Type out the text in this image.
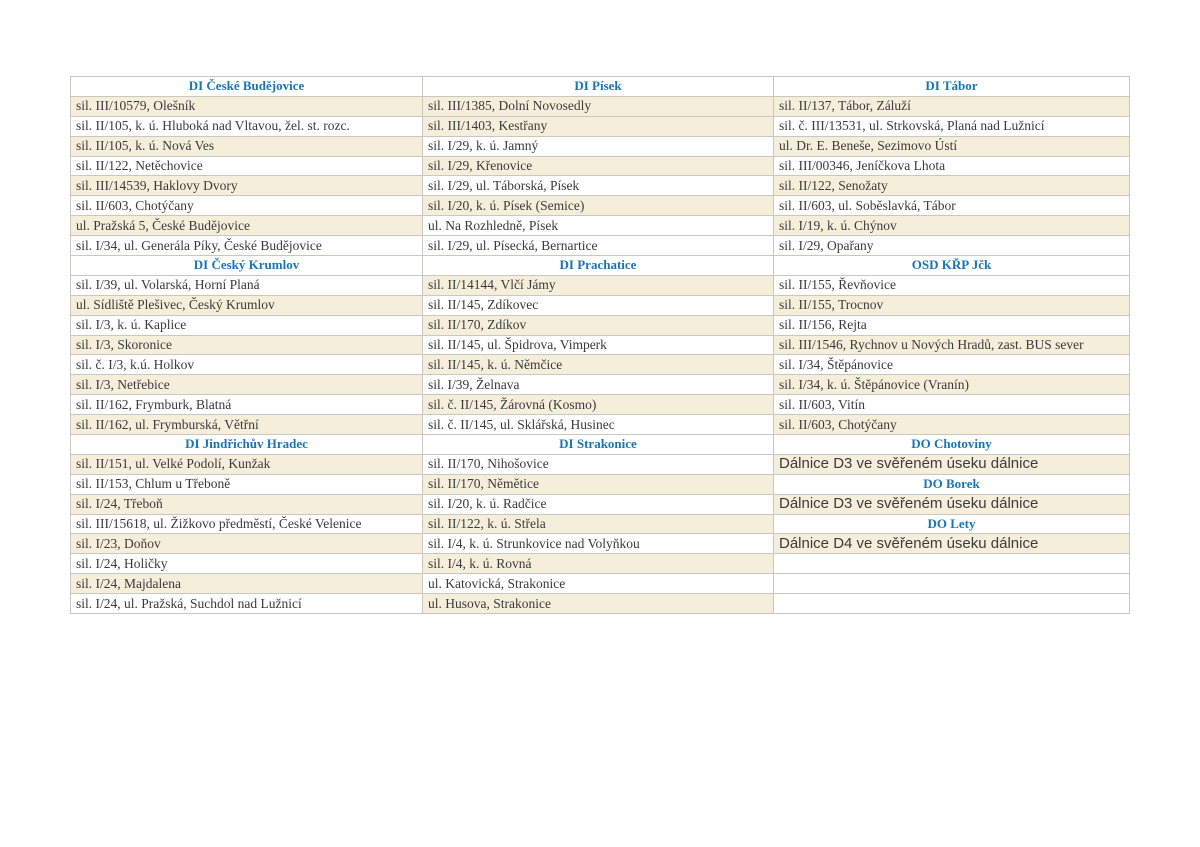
DI České Budějovice	DI Písek	DI Tábor
sil. III/10579, Olešník	sil. III/1385, Dolní Novosedly	sil. II/137, Tábor, Záluží
sil. II/105, k. ú. Hluboká nad Vltavou, žel. st. rozc.	sil. III/1403, Kestřany	sil. č. III/13531, ul. Strkovská, Planá nad Lužnicí
sil. II/105, k. ú. Nová Ves	sil. I/29, k. ú. Jamný	ul. Dr. E. Beneše, Sezimovo Ústí
sil. II/122, Netěchovice	sil. I/29, Křenovice	sil. III/00346, Jeníčkova Lhota
sil. III/14539, Haklovy Dvory	sil. I/29, ul. Táborská, Písek	sil. II/122, Senožaty
sil. II/603, Chotýčany	sil. I/20, k. ú. Písek (Semice)	sil. II/603, ul. Soběslavká, Tábor
ul. Pražská 5, České Budějovice	ul. Na Rozhledně, Písek	sil. I/19, k. ú. Chýnov
sil. I/34, ul. Generála Píky, České Budějovice	sil. I/29, ul. Písecká, Bernartice	sil. I/29, Opařany
DI Český Krumlov	DI Prachatice	OSD KŘP Jčk
sil. I/39, ul. Volarská, Horní Planá	sil. II/14144, Vlčí Jámy	sil. II/155, Řevňovice
ul. Sídliště Plešivec, Český Krumlov	sil. II/145, Zdíkovec	sil. II/155, Trocnov
sil. I/3, k. ú. Kaplice	sil. II/170, Zdíkov	sil. II/156, Rejta
sil. I/3, Skoronice	sil. II/145, ul. Špidrova, Vimperk	sil. III/1546, Rychnov u Nových Hradů, zast. BUS sever
sil. č. I/3, k.ú. Holkov	sil. II/145, k. ú. Němčice	sil. I/34, Štěpánovice
sil. I/3, Netřebice	sil. I/39, Želnava	sil. I/34, k. ú. Štěpánovice (Vranín)
sil. II/162, Frymburk, Blatná	sil. č. II/145, Žárovná (Kosmo)	sil. II/603, Vitín
sil. II/162, ul. Frymburská, Větřní	sil. č. II/145, ul. Sklářská, Husinec	sil. II/603, Chotýčany
DI Jindřichův Hradec	DI Strakonice	DO Chotoviny
sil. II/151, ul. Velké Podolí, Kunžak	sil. II/170, Nihošovice	Dálnice D3 ve svěřeném úseku dálnice
sil. II/153, Chlum u Třeboně	sil. II/170, Němětice	DO Borek
sil. I/24, Třeboň	sil. I/20, k. ú. Radčice	Dálnice D3 ve svěřeném úseku dálnice
sil. III/15618, ul. Žižkovo předměstí, České Velenice	sil. II/122, k. ú. Střela	DO Lety
sil. I/23, Doňov	sil. I/4, k. ú. Strunkovice nad Volyňkou	Dálnice D4 ve svěřeném úseku dálnice
sil. I/24, Holičky	sil. I/4, k. ú. Rovná	
sil. I/24, Majdalena	ul. Katovická, Strakonice	
sil. I/24, ul. Pražská, Suchdol nad Lužnicí	ul. Husova, Strakonice	
